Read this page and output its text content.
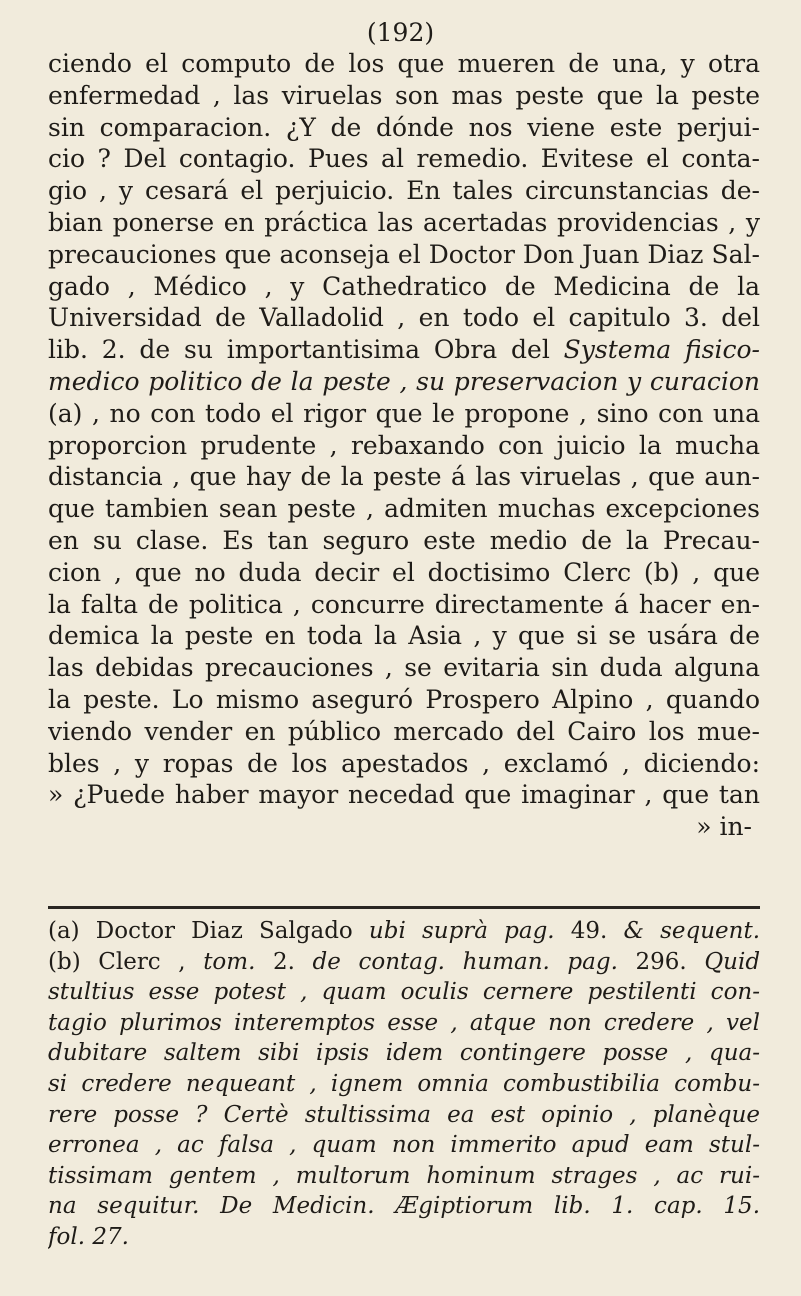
(192)
ciendo el computo de los que mueren de una, y otra
enfermedad , las viruelas son mas peste que la peste
sin comparacion. ¿Y de dónde nos viene este perjui-
cio ? Del contagio. Pues al remedio. Evitese el conta-
gio , y cesará el perjuicio. En tales circunstancias de-
bian ponerse en práctica las acertadas providencias , y
precauciones que aconseja el Doctor Don Juan Diaz Sal-
gado , Médico , y Cathedratico de Medicina de la
Universidad de Valladolid , en todo el capitulo 3. del
lib. 2. de su importantisima Obra del Systema fisico-
medico politico de la peste , su preservacion y curacion
(a) , no con todo el rigor que le propone , sino con una
proporcion prudente , rebaxando con juicio la mucha
distancia , que hay de la peste á las viruelas , que aun-
que tambien sean peste , admiten muchas excepciones
en su clase. Es tan seguro este medio de la Precau-
cion , que no duda decir el doctisimo Clerc (b) , que
la falta de politica , concurre directamente á hacer en-
demica la peste en toda la Asia , y que si se usára de
las debidas precauciones , se evitaria sin duda alguna
la peste. Lo mismo aseguró Prospero Alpino , quando
viendo vender en público mercado del Cairo los mue-
bles , y ropas de los apestados , exclamó , diciendo:
» ¿Puede haber mayor necedad que imaginar , que tan
» in-
(a) Doctor Diaz Salgado ubi suprà pag. 49. & sequent.
(b) Clerc , tom. 2. de contag. human. pag. 296. Quid
stultius esse potest , quam oculis cernere pestilenti con-
tagio plurimos interemptos esse , atque non credere , vel
dubitare saltem sibi ipsis idem contingere posse , qua-
si credere nequeant , ignem omnia combustibilia combu-
rere posse ? Certè stultissima ea est opinio , planèque
erronea , ac falsa , quam non immerito apud eam stul-
tissimam gentem , multorum hominum strages , ac rui-
na sequitur. De Medicin. Ægiptiorum lib. 1. cap. 15.
fol. 27.
